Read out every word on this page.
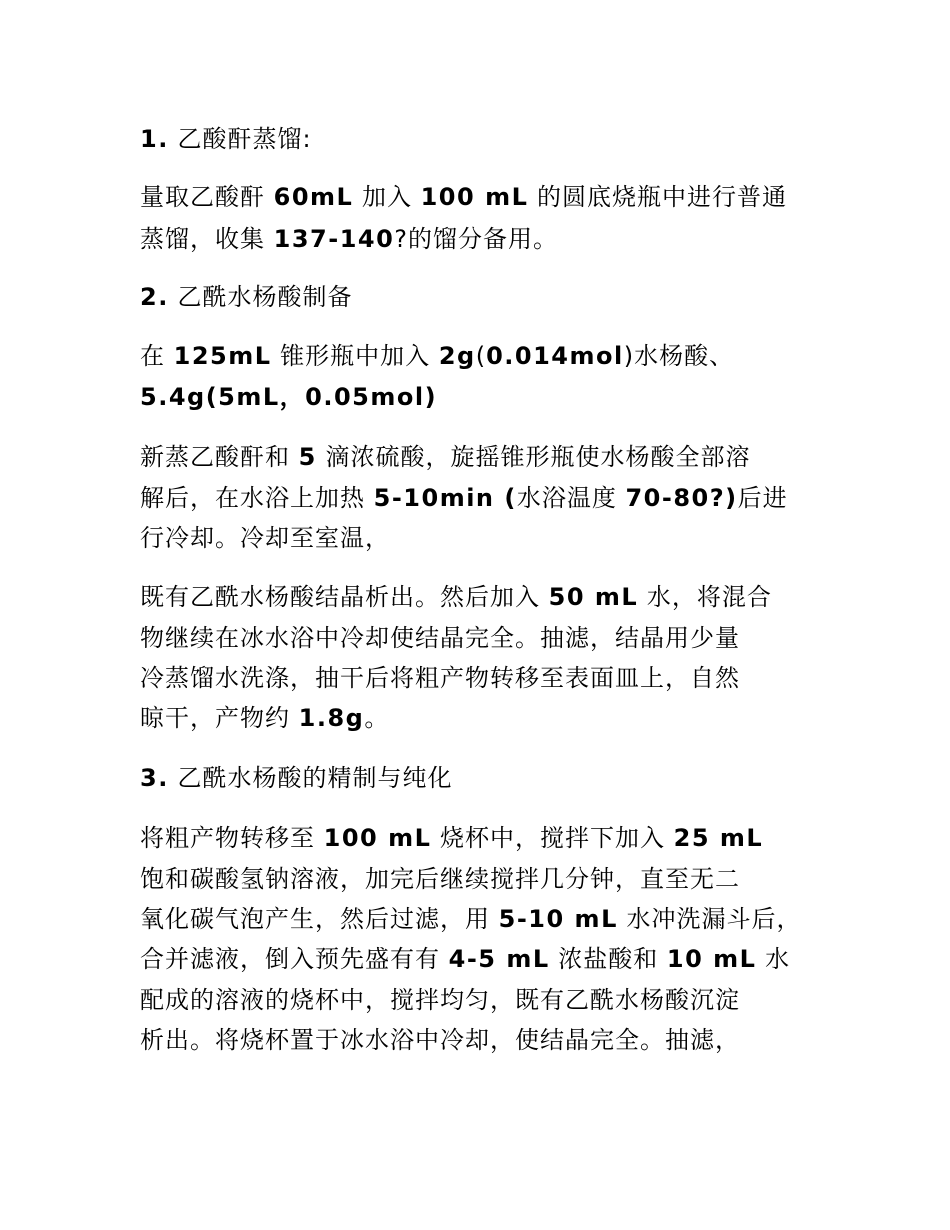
1. 乙酸酐蒸馏:
量取乙酸酐 60mL 加入 100 mL 的圆底烧瓶中进行普通
蒸馏，收集 137-140?的馏分备用。
2. 乙酰水杨酸制备
在 125mL 锥形瓶中加入 2g(0.014mol)水杨酸、
5.4g(5mL，0.05mol)
新蒸乙酸酐和 5 滴浓硫酸，旋摇锥形瓶使水杨酸全部溶
解后，在水浴上加热 5-10min (水浴温度 70-80?)后进
行冷却。冷却至室温，
既有乙酰水杨酸结晶析出。然后加入 50 mL 水，将混合
物继续在冰水浴中冷却使结晶完全。抽滤，结晶用少量
冷蒸馏水洗涤，抽干后将粗产物转移至表面皿上，自然
晾干，产物约 1.8g。
3. 乙酰水杨酸的精制与纯化
将粗产物转移至 100 mL 烧杯中，搅拌下加入 25 mL
饱和碳酸氢钠溶液，加完后继续搅拌几分钟，直至无二
氧化碳气泡产生，然后过滤，用 5-10 mL 水冲洗漏斗后，
合并滤液，倒入预先盛有有 4-5 mL 浓盐酸和 10 mL 水
配成的溶液的烧杯中，搅拌均匀，既有乙酰水杨酸沉淀
析出。将烧杯置于冰水浴中冷却，使结晶完全。抽滤，
